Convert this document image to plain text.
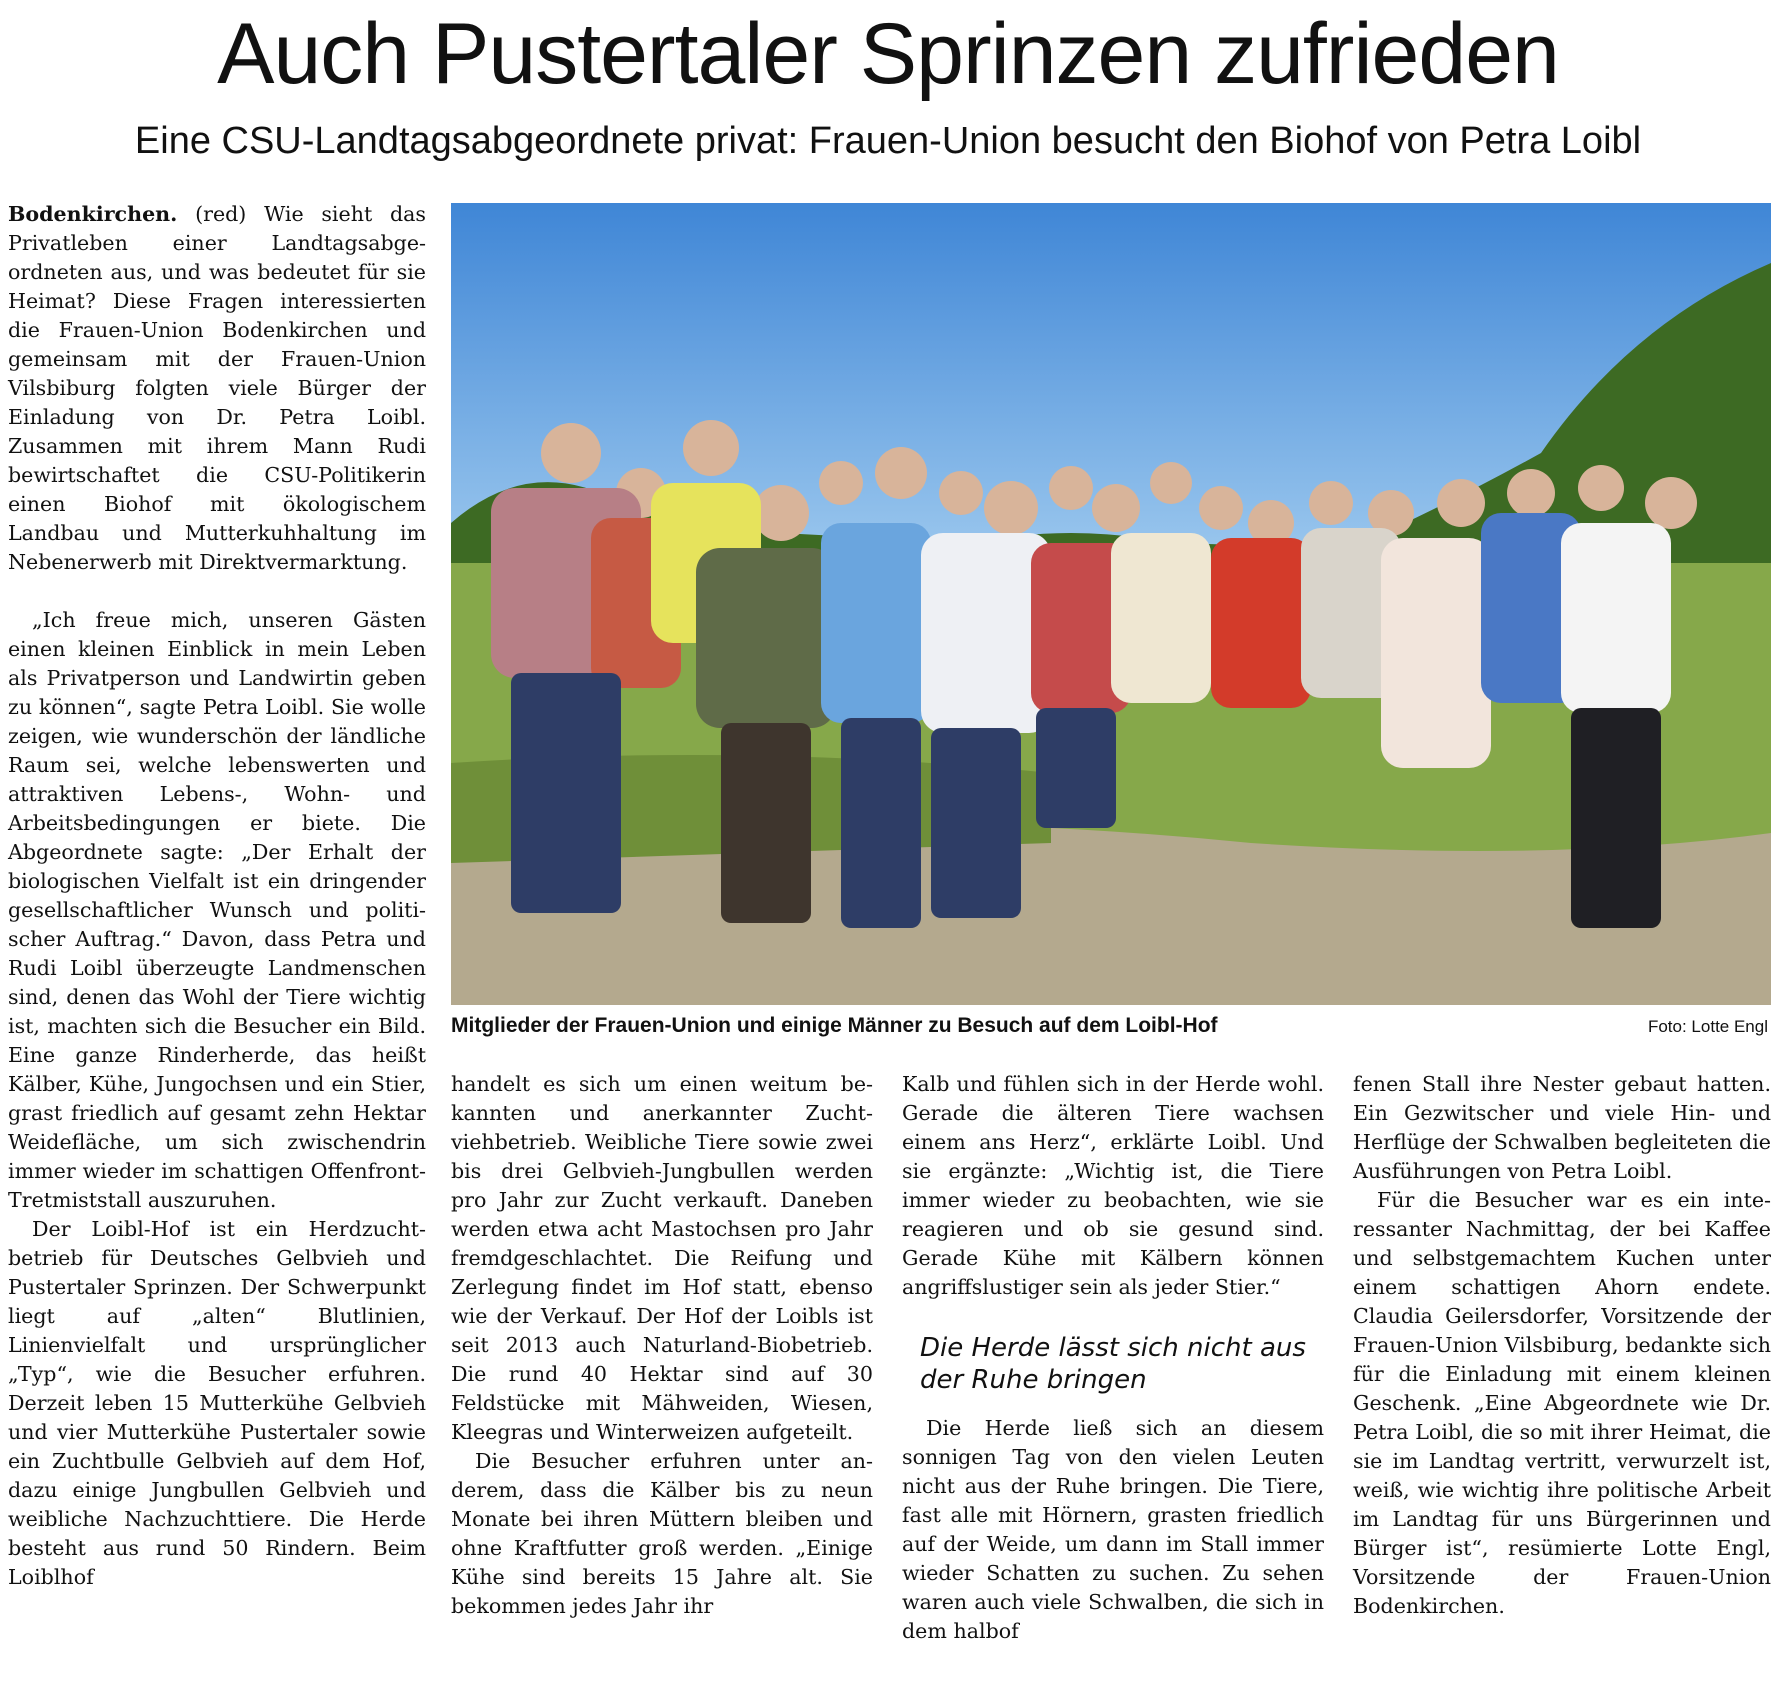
Auch Pustertaler Sprinzen zufrieden
Eine CSU-Landtagsabgeordnete privat: Frauen-Union besucht den Biohof von Petra Loibl

Bodenkirchen. (red) Wie sieht das Privatleben einer Landtagsabgeordneten aus, und was bedeutet für sie Heimat? Diese Fragen interessierten die Frauen-Union Bodenkirchen und gemeinsam mit der Frauen-Union Vilsbiburg folgten viele Bürger der Einladung von Dr. Petra Loibl. Zusammen mit ihrem Mann Rudi bewirtschaftet die CSU-Politikerin einen Biohof mit ökologischem Landbau und Mutterkuhhaltung im Nebenerwerb mit Direktvermarktung.

„Ich freue mich, unseren Gästen einen kleinen Einblick in mein Leben als Privatperson und Landwirtin geben zu können“, sagte Petra Loibl. Sie wolle zeigen, wie wunderschön der ländliche Raum sei, welche lebenswerten und attraktiven Lebens-, Wohn- und Arbeitsbedingungen er biete. Die Abgeordnete sagte: „Der Erhalt der biologischen Vielfalt ist ein dringender gesellschaftlicher Wunsch und politischer Auftrag.“ Davon, dass Petra und Rudi Loibl überzeugte Landmenschen sind, denen das Wohl der Tiere wichtig ist, machten sich die Besucher ein Bild. Eine ganze Rinderherde, das heißt Kälber, Kühe, Jungochsen und ein Stier, grast friedlich auf gesamt zehn Hektar Weidefläche, um sich zwischendrin immer wieder im schattigen Offenfront-Tretmiststall auszuruhen.

Der Loibl-Hof ist ein Herdzuchtbetrieb für Deutsches Gelbvieh und Pustertaler Sprinzen. Der Schwerpunkt liegt auf „alten“ Blutlinien, Linienvielfalt und ursprünglicher „Typ“, wie die Besucher erfuhren. Derzeit leben 15 Mutterkühe Gelbvieh und vier Mutterkühe Pustertaler sowie ein Zuchtbulle Gelbvieh auf dem Hof, dazu einige Jungbullen Gelbvieh und weibliche Nachzuchttiere. Die Herde besteht aus rund 50 Rindern. Beim Loiblhof

Mitglieder der Frauen-Union und einige Männer zu Besuch auf dem Loibl-Hof	Foto: Lotte Engl

handelt es sich um einen weitum bekannten und anerkannter Zuchtviehbetrieb. Weibliche Tiere sowie zwei bis drei Gelbvieh-Jungbullen werden pro Jahr zur Zucht verkauft. Daneben werden etwa acht Mastochsen pro Jahr fremdgeschlachtet. Die Reifung und Zerlegung findet im Hof statt, ebenso wie der Verkauf. Der Hof der Loibls ist seit 2013 auch Naturland-Biobetrieb. Die rund 40 Hektar sind auf 30 Feldstücke mit Mähweiden, Wiesen, Kleegras und Winterweizen aufgeteilt.

Die Besucher erfuhren unter anderem, dass die Kälber bis zu neun Monate bei ihren Müttern bleiben und ohne Kraftfutter groß werden. „Einige Kühe sind bereits 15 Jahre alt. Sie bekommen jedes Jahr ihr

Kalb und fühlen sich in der Herde wohl. Gerade die älteren Tiere wachsen einem ans Herz“, erklärte Loibl. Und sie ergänzte: „Wichtig ist, die Tiere immer wieder zu beobachten, wie sie reagieren und ob sie gesund sind. Gerade Kühe mit Kälbern können angriffslustiger sein als jeder Stier.“

Die Herde lässt sich nicht aus der Ruhe bringen

Die Herde ließ sich an diesem sonnigen Tag von den vielen Leuten nicht aus der Ruhe bringen. Die Tiere, fast alle mit Hörnern, grasten friedlich auf der Weide, um dann im Stall immer wieder Schatten zu suchen. Zu sehen waren auch viele Schwalben, die sich in dem halbof

fenen Stall ihre Nester gebaut hatten. Ein Gezwitscher und viele Hin- und Herflüge der Schwalben begleiteten die Ausführungen von Petra Loibl.

Für die Besucher war es ein interessanter Nachmittag, der bei Kaffee und selbstgemachtem Kuchen unter einem schattigen Ahorn endete. Claudia Geilersdorfer, Vorsitzende der Frauen-Union Vilsbiburg, bedankte sich für die Einladung mit einem kleinen Geschenk. „Eine Abgeordnete wie Dr. Petra Loibl, die so mit ihrer Heimat, die sie im Landtag vertritt, verwurzelt ist, weiß, wie wichtig ihre politische Arbeit im Landtag für uns Bürgerinnen und Bürger ist“, resümierte Lotte Engl, Vorsitzende der Frauen-Union Bodenkirchen.
